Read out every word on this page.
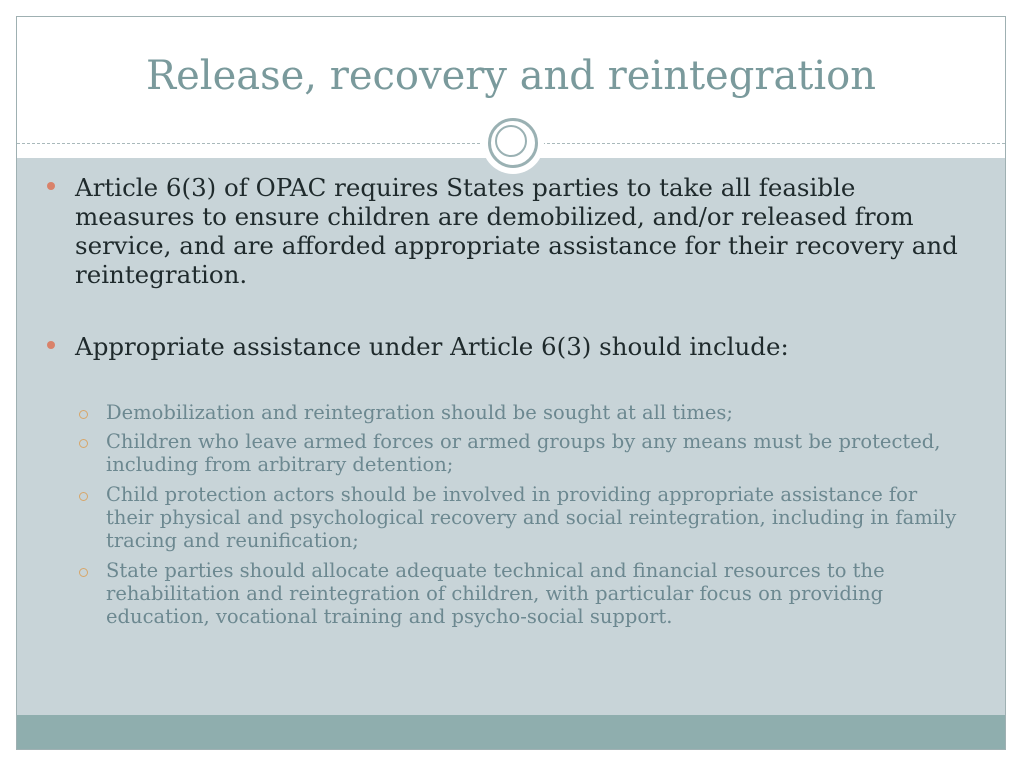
Release, recovery and reintegration
Article 6(3) of OPAC requires States parties to take all feasible measures to ensure children are demobilized, and/or released from service, and are afforded appropriate assistance for their recovery and reintegration.
Appropriate assistance under Article 6(3) should include:
Demobilization and reintegration should be sought at all times;
Children who leave armed forces or armed groups by any means must be protected, including from arbitrary detention;
Child protection actors should be involved in providing appropriate assistance for their physical and psychological recovery and social reintegration, including in family tracing and reunification;
State parties should allocate adequate technical and financial resources to the rehabilitation and reintegration of children, with particular focus on providing education, vocational training and psycho-social support.
